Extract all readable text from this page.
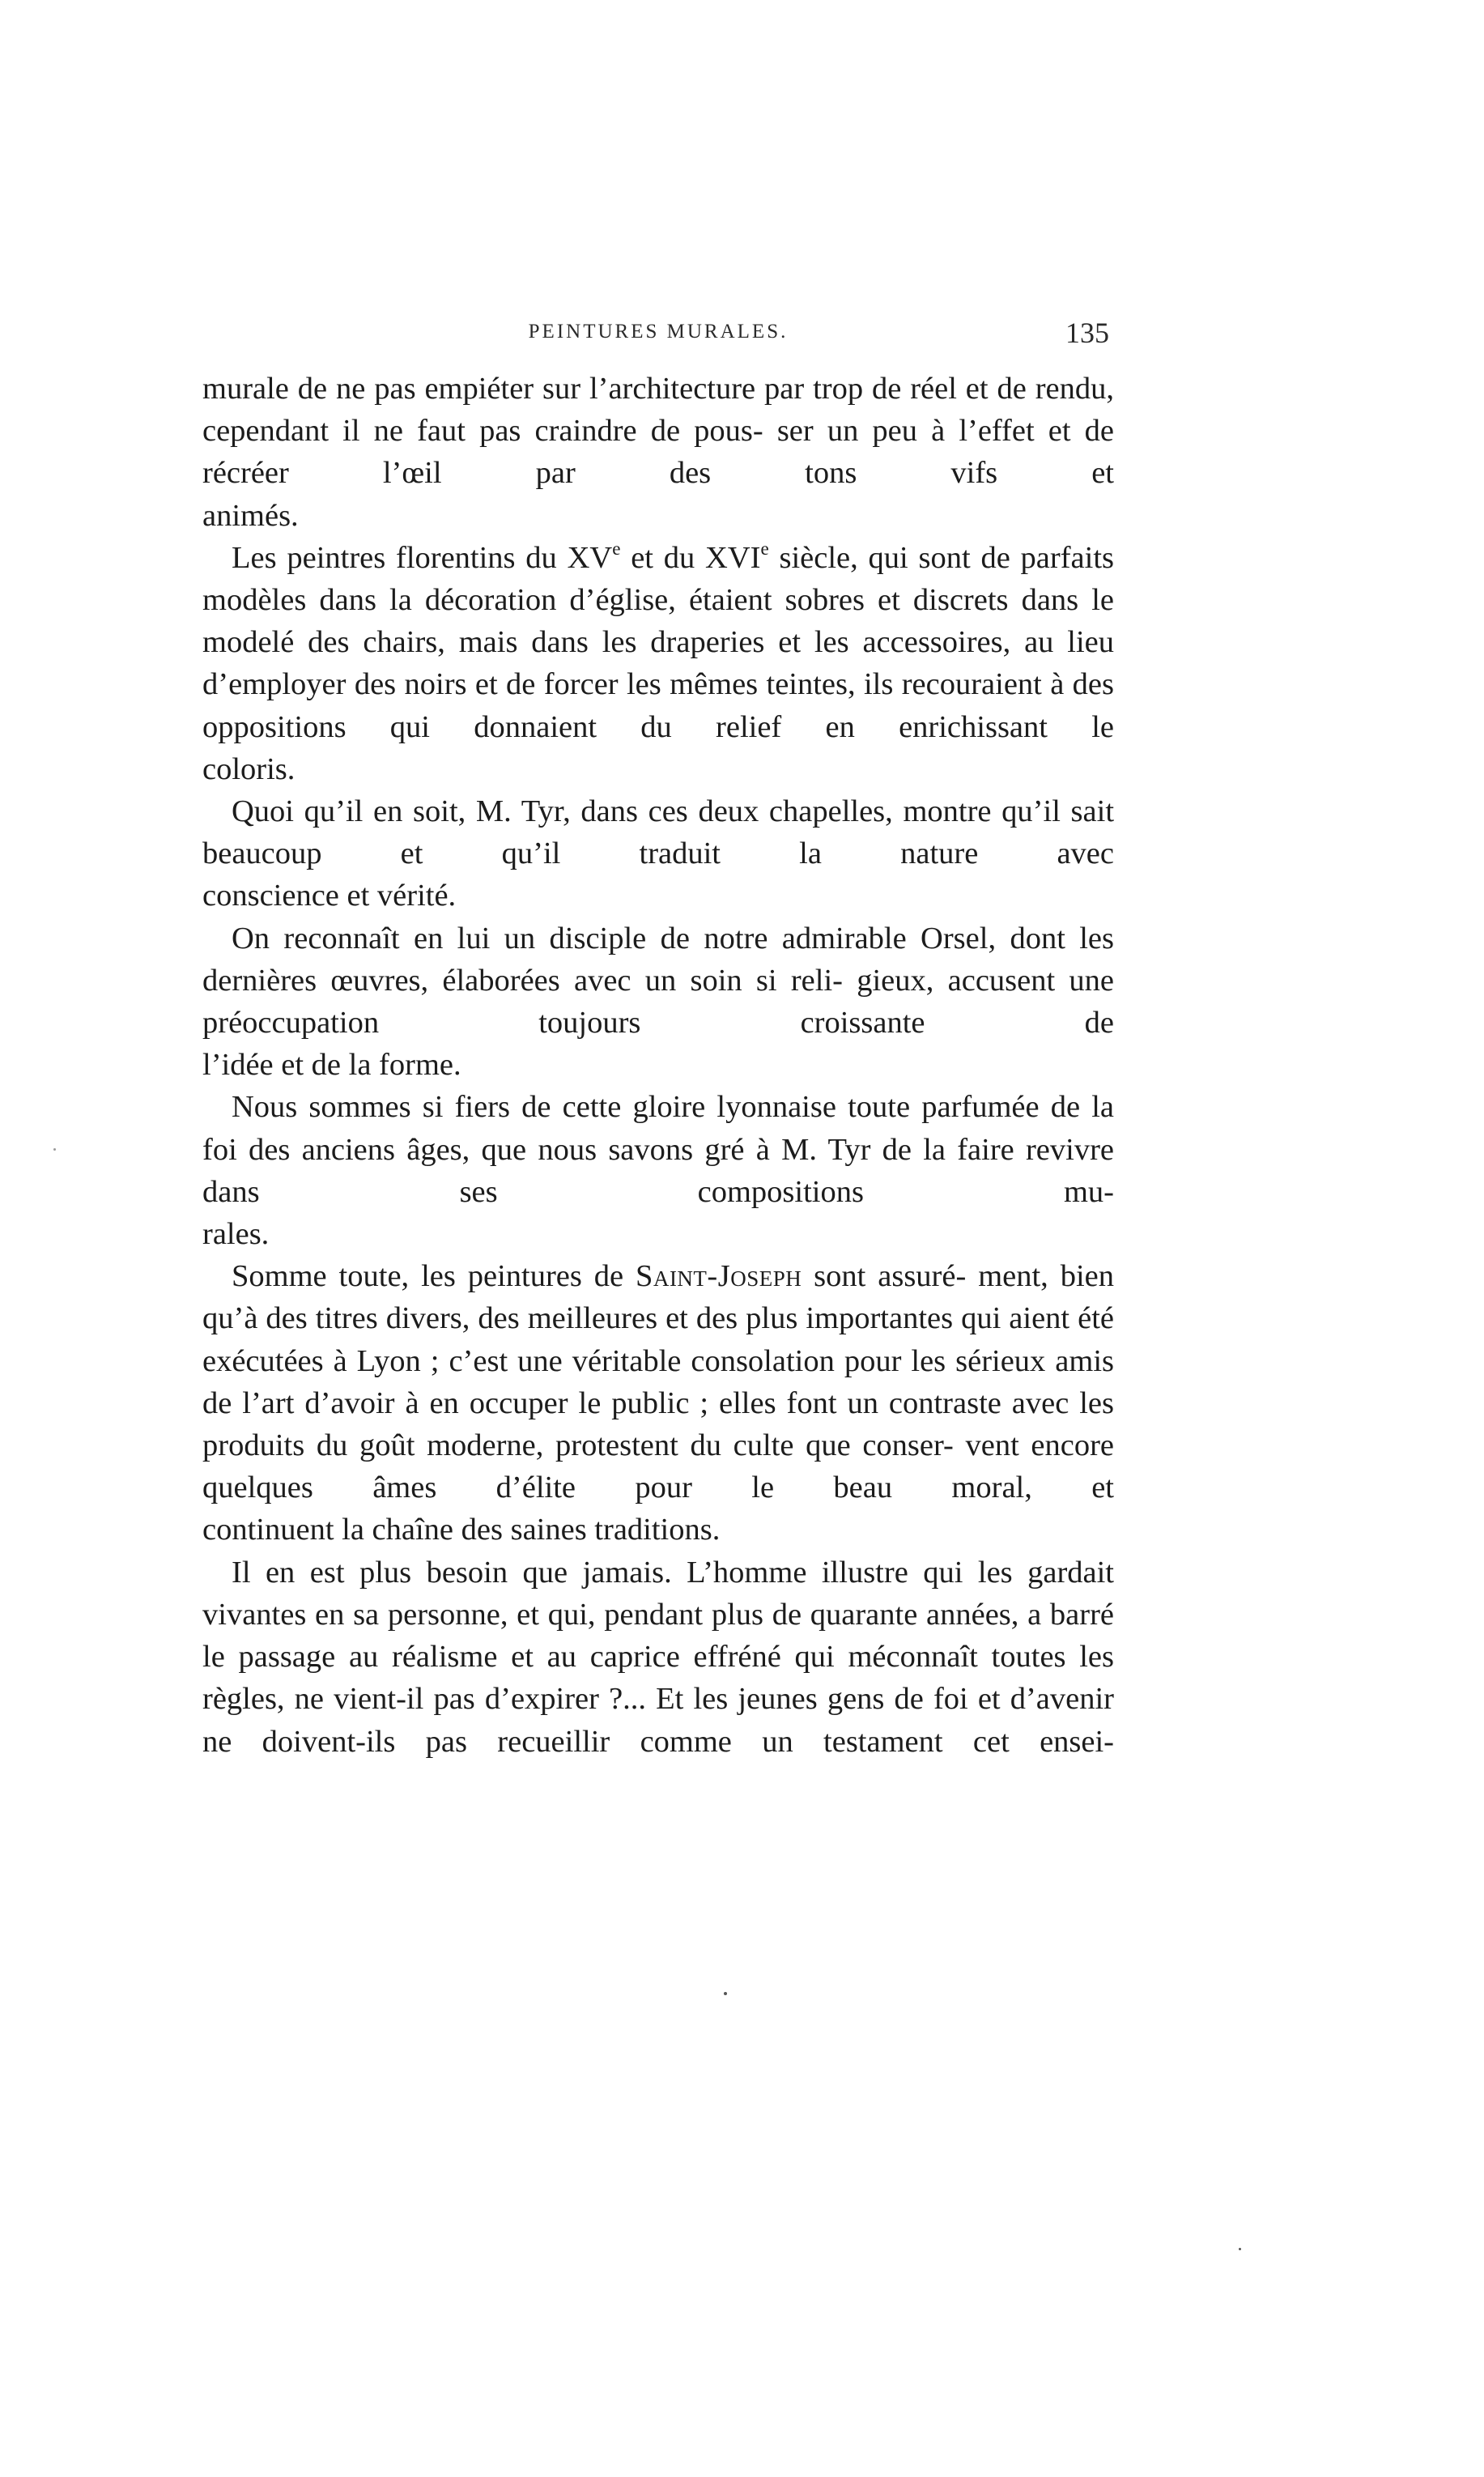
PEINTURES MURALES.	135

murale de ne pas empiéter sur l’architecture par trop de réel et de rendu, cependant il ne faut pas craindre de pous- ser un peu à l’effet et de récréer l’œil par des tons vifs et

animés.

Les peintres florentins du XVe et du XVIe siècle, qui sont de parfaits modèles dans la décoration d’église, étaient sobres et discrets dans le modelé des chairs, mais dans les draperies et les accessoires, au lieu d’employer des noirs et de forcer les mêmes teintes, ils recouraient à des oppositions qui donnaient du relief en enrichissant le

coloris.

Quoi qu’il en soit, M. Tyr, dans ces deux chapelles, montre qu’il sait beaucoup et qu’il traduit la nature avec

conscience et vérité.

On reconnaît en lui un disciple de notre admirable Orsel, dont les dernières œuvres, élaborées avec un soin si reli- gieux, accusent une préoccupation toujours croissante de

l’idée et de la forme.

Nous sommes si fiers de cette gloire lyonnaise toute parfumée de la foi des anciens âges, que nous savons gré à M. Tyr de la faire revivre dans ses compositions mu-

rales.

Somme toute, les peintures de Saint-Joseph sont assuré- ment, bien qu’à des titres divers, des meilleures et des plus importantes qui aient été exécutées à Lyon ; c’est une véritable consolation pour les sérieux amis de l’art d’avoir à en occuper le public ; elles font un contraste avec les produits du goût moderne, protestent du culte que conser- vent encore quelques âmes d’élite pour le beau moral, et

continuent la chaîne des saines traditions.

Il en est plus besoin que jamais. L’homme illustre qui les gardait vivantes en sa personne, et qui, pendant plus de quarante années, a barré le passage au réalisme et au caprice effréné qui méconnaît toutes les règles, ne vient-il pas d’expirer ?... Et les jeunes gens de foi et d’avenir ne doivent-ils pas recueillir comme un testament cet ensei-
